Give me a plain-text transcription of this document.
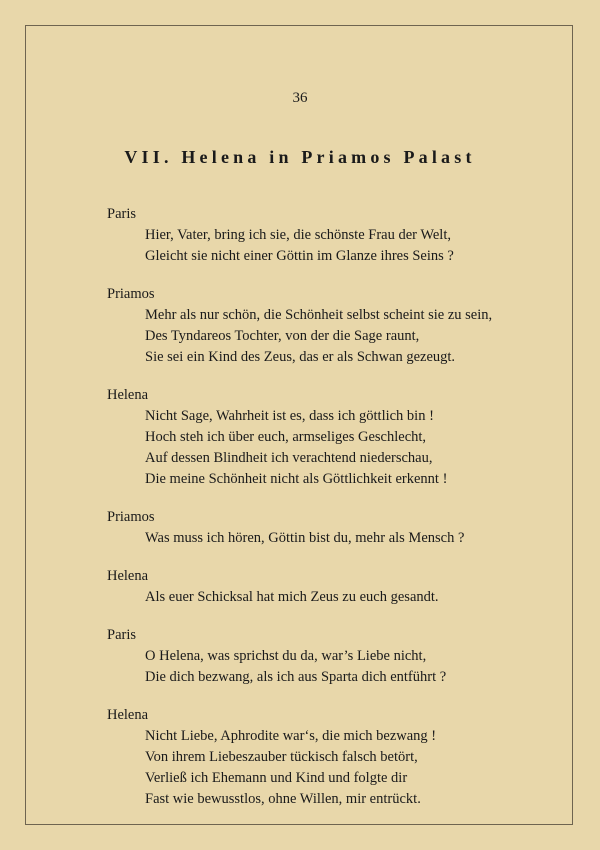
36
VII. Helena in Priamos Palast
Paris
Hier, Vater, bring ich sie, die schönste Frau der Welt,
Gleicht sie nicht einer Göttin im Glanze ihres Seins ?
Priamos
Mehr als nur schön, die Schönheit selbst scheint sie zu sein,
Des Tyndareos Tochter, von der die Sage raunt,
Sie sei ein Kind des Zeus, das er als Schwan gezeugt.
Helena
Nicht Sage, Wahrheit ist es, dass ich göttlich bin !
Hoch steh ich über euch, armseliges Geschlecht,
Auf dessen Blindheit ich verachtend niederschau,
Die meine Schönheit nicht als Göttlichkeit erkennt !
Priamos
Was muss ich hören, Göttin bist du, mehr als Mensch ?
Helena
Als euer Schicksal hat mich Zeus zu euch gesandt.
Paris
O Helena, was sprichst du da, war’s Liebe nicht,
Die dich bezwang, als ich aus Sparta dich entführt ?
Helena
Nicht Liebe, Aphrodite war‘s, die mich bezwang !
Von ihrem Liebeszauber tückisch falsch betört,
Verließ ich Ehemann und Kind und folgte dir
Fast wie bewusstlos, ohne Willen, mir entrückt.
